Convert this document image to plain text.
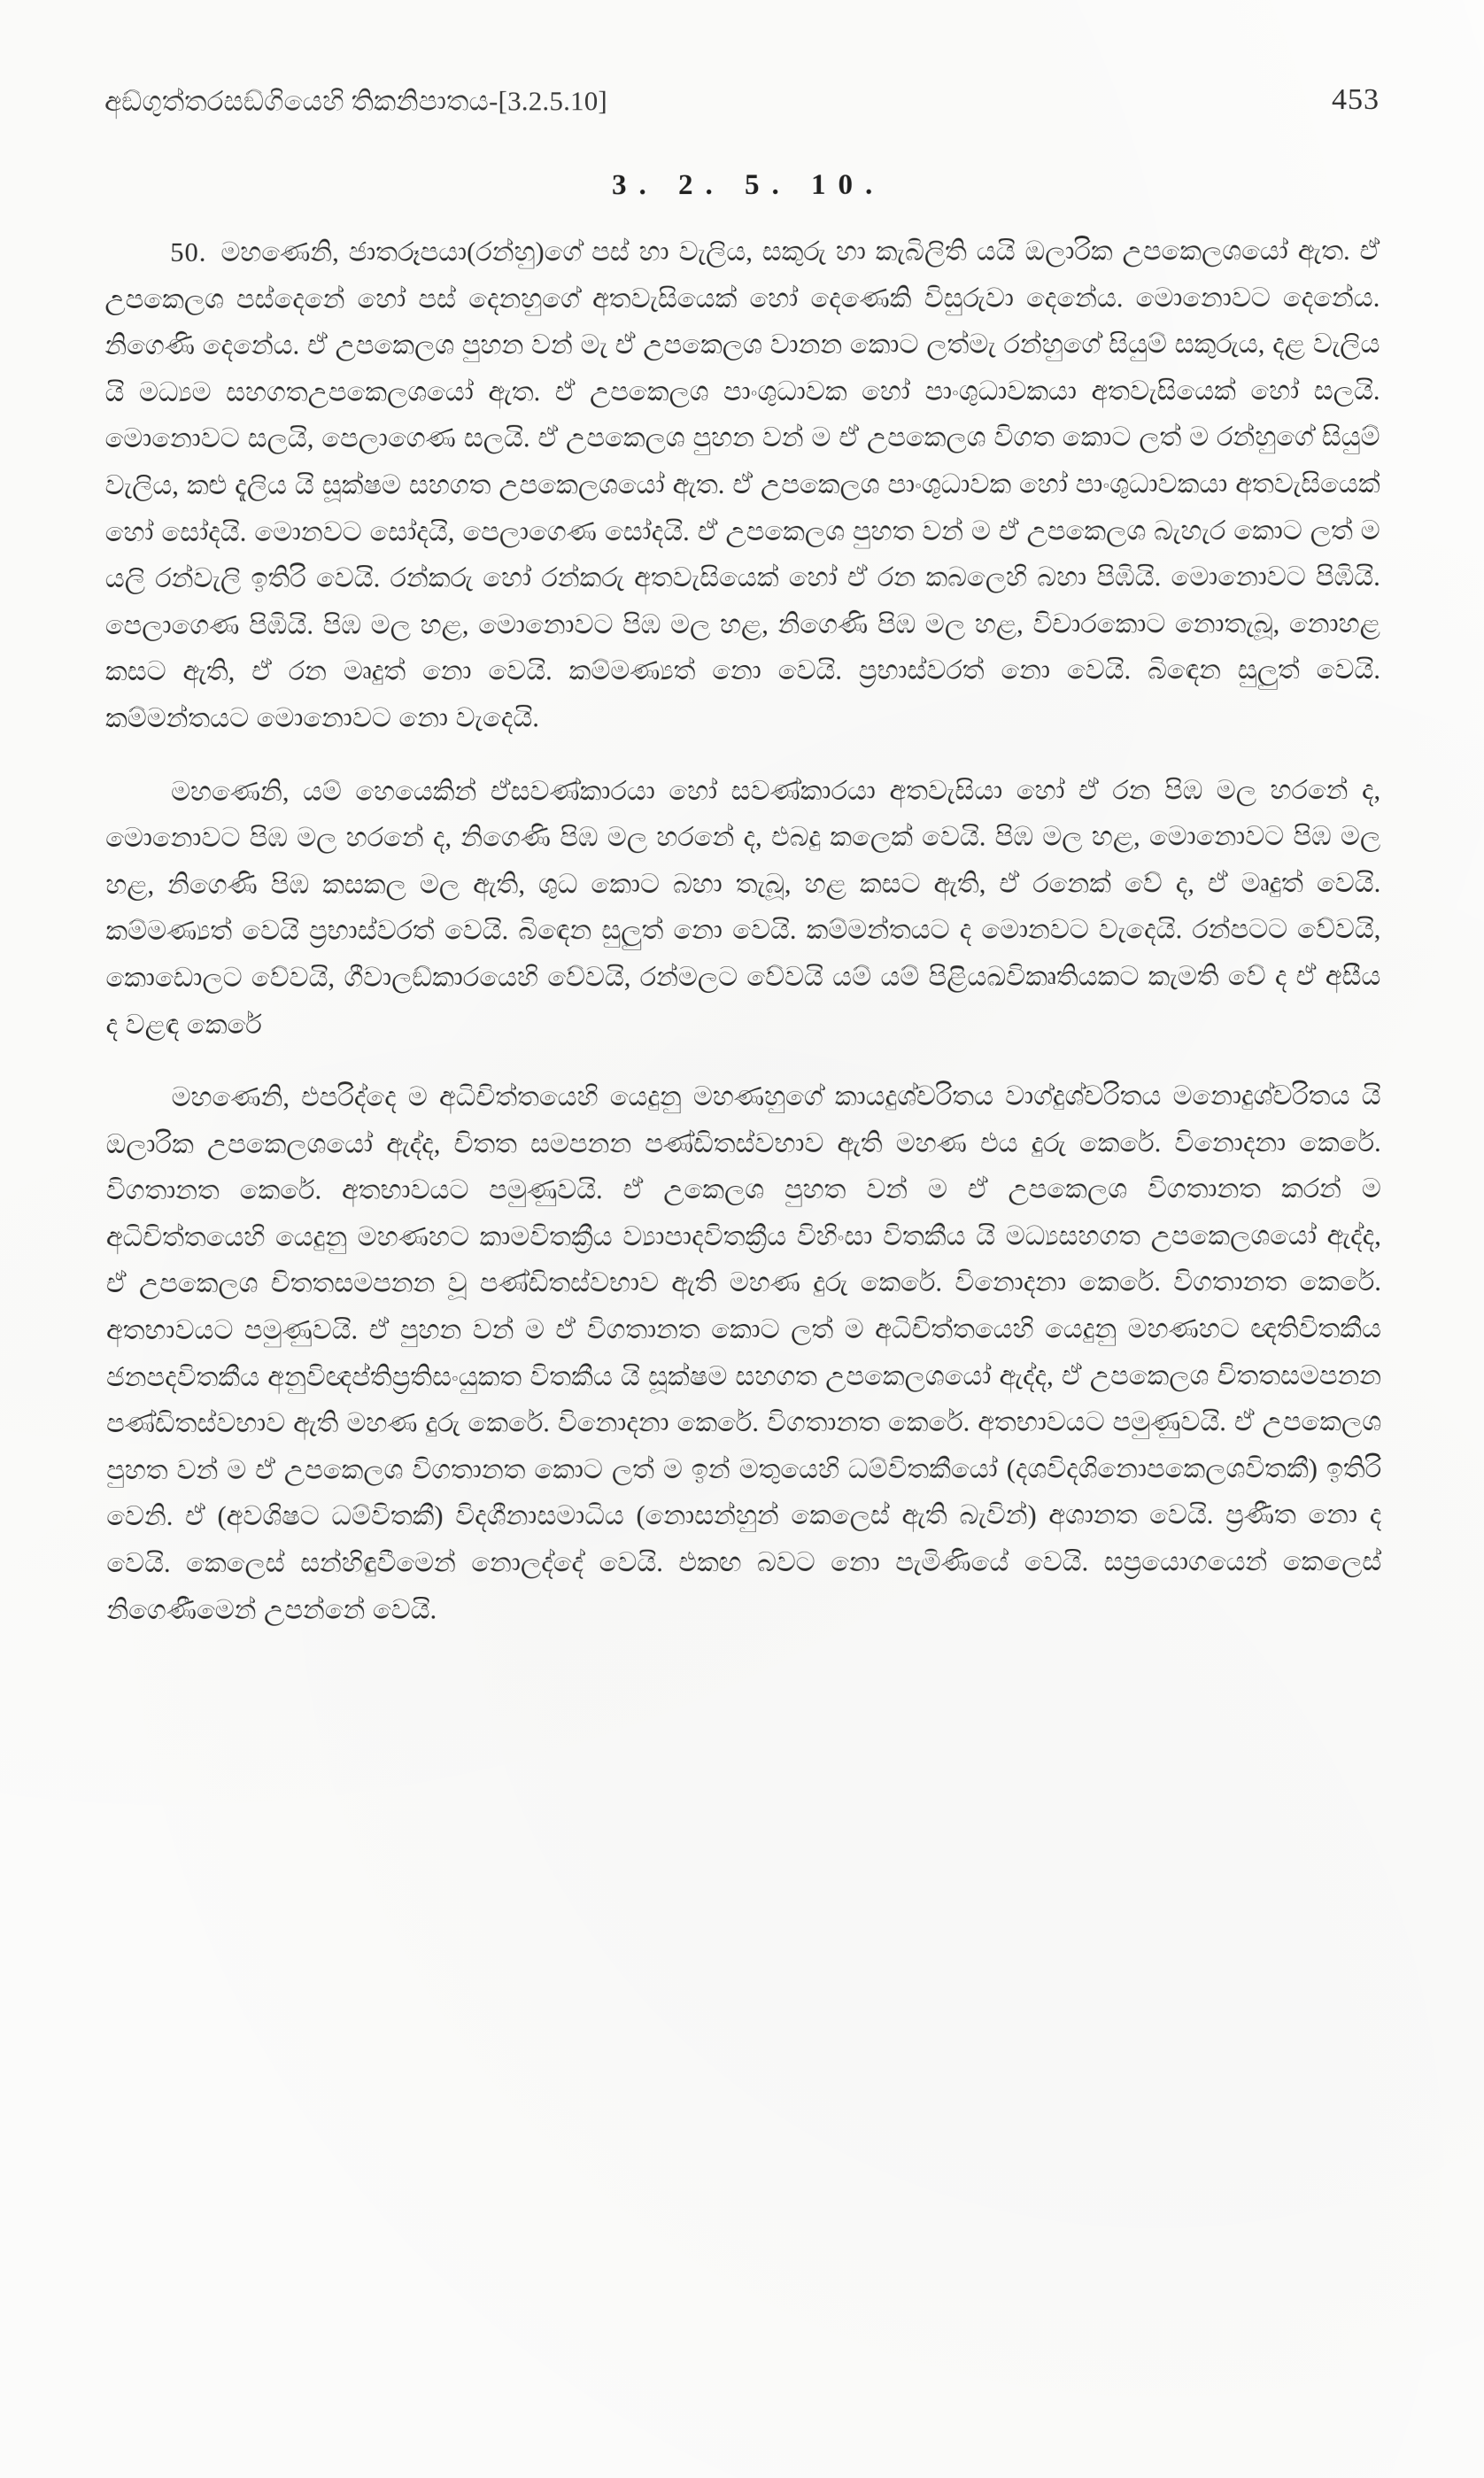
අඞ්ගුත්තරසඞ්ගියෙහි තිකනිපාතය-[3.2.5.10]	453
3. 2. 5. 10.

50. මහණෙනි, ජාතරූපයා(රන්හු)ගේ පස් හා වැලිය, සකුරු හා කැබිලිති යයි ඔලාරික උපකෙලශයෝ ඇත. ඒ උපකෙලශ පස්දෙනේ හෝ පස් දෙනහුගේ අතවැසියෙක් හෝ දෙණෙකි විසුරුවා දෙනේය. මොනොවට දෙනේය. නිගෙණි දෙනේය. ඒ උපකෙලශ පුහන වන් මැ ඒ උපකෙලශ වානන කොට ලත්මැ රන්හුගේ සියුම් සකුරුය, දළ වැලිය යි මධ්‍යම සහගතඋපකෙලශයෝ ඇත. ඒ උපකෙලශ පාංශුධාවක හෝ පාංශුධාවකයා අතවැසියෙක් හෝ සලයි. මොනොවට සලයි, පෙලාගෙණ සලයි. ඒ උපකෙලශ පුහන වන් ම ඒ උපකෙලශ විගත කොට ලත් ම රන්හුගේ සියුම් වැලිය, කළු දැලිය යි සූක්ෂම සහගත උපකෙලශයෝ ඇත. ඒ උපකෙලශ පාංශුධාවක හෝ පාංශුධාවකයා අතවැසියෙක් හෝ සෝදයි. මොනවට සෝදයි, පෙලාගෙණ සෝදයි. ඒ උපකෙලශ පුහත වන් ම ඒ උපකෙලශ බැහැර කොට ලත් ම යලි රන්වැලි ඉතිරි වෙයි. රන්කරු හෝ රන්කරු අතවැසියෙක් හෝ ඒ රන කබලෙහි බහා පිඹියි. මොනොවට පිඹියි. පෙලාගෙණ පිඹියි. පිඹ මල හළ, මොනොවට පිඹ මල හළ, නිගෙණි පිඹ මල හළ, විචාරකොට නොතැබූ, නොහළ කසට ඇති, ඒ රන මෘදුත් නො වෙයි. කම්මණ්‍යත් නො වෙයි. ප්‍රභාස්වරත් නො වෙයි. බිඳෙන සුලුත් වෙයි. කම්මන්තයට මොනොවට නො වැදෙයි.

මහණෙනි, යම් හෙයෙකින් ඒසවණ්කාරයා හෝ සවණ්කාරයා අතවැසියා හෝ ඒ රන පිඹ මල හරනේ ද, මොනොවට පිඹ මල හරනේ ද, නිගෙණි පිඹ මල හරනේ ද, එබදු කලෙක් වෙයි. පිඹ මල හළ, මොනොවට පිඹ මල හළ, නිගෙණි පිඹ කසකල මල ඇති, ශුධ කොට බහා තැබූ, හළ කසට ඇති, ඒ රනෙක් වේ ද, ඒ මෘදුත් වෙයි. කම්මණ්‍යත් වෙයි ප්‍රභාස්වරත් වෙයි. බිඳෙන සුලුත් නො වෙයි. කම්මන්තයට ද මොනවට වැදෙයි. රන්පටට වේවයි, කොඩොලට වේවයි, ගීවාලඞ්කාරයෙහි වේවයි, රන්මලට වේවයි යම් යම් පිළියඛවිකෘතියකට කැමති වේ ද ඒ අසීය ද වළඳ කෙරේ

මහණෙනි, එපරිද්දෙ ම අධිචිත්තයෙහි යෙදුනු මහණහුගේ කායදුශ්චරිතය වාග්දුශ්චරිතය මනොදුශ්චරිතය යි ඔලාරික උපකෙලශයෝ ඇද්ද, චිතත සමපනන පණ්ඩිතස්වභාව ඇති මහණ එය දුරු කෙරේ. විනොදනා කෙරේ. විගතානත කෙරේ. අතභාවයට පමුණුවයි. ඒ උකෙලශ පුහත වන් ම ඒ උපකෙලශ විගතානත කරන් ම අධිචිත්තයෙහි යෙදුනු මහණහට කාමවිතක්‍රීය ව්‍යාපාදවිතක්‍රීය විහිංසා විතකීය යි මධ්‍යසහගත උපකෙලශයෝ ඇද්ද, ඒ උපකෙලශ චිතතසමපනන වූ පණ්ඩිතස්වභාව ඇති මහණ දුරු කෙරේ. විනොදනා කෙරේ. විගතානත කෙරේ. අතභාවයට පමුණුවයි. ඒ පුහන වන් ම ඒ විගතානත කොට ලත් ම අධිචිත්තයෙහි යෙදුනු මහණහට ඥතිවිතකීය ජනපදවිතකීය අනුවිඥප්තිප්‍රතිසංයුකත විතකීය යි සූක්ෂම සහගත උපකෙලශයෝ ඇද්ද, ඒ උපකෙලශ චිතතසමපනන පණ්ඩිතස්වභාව ඇති මහණ දුරු කෙරේ. විනොදනා කෙරේ. විගතානත කෙරේ. අතභාවයට පමුණුවයි. ඒ උපකෙලශ පුහත වන් ම ඒ උපකෙලශ විගතානත කොට ලත් ම ඉන් මතුයෙහි ධම්විතකීයෝ (දශවිදශිනොපකෙලශවිතකී) ඉතිරි වෙනි. ඒ (අවශිෂට ධම්විතකී) විදශීනාසමාධිය (නොසන්හුන් කෙලෙස් ඇති බැවින්) අශානත වෙයි. ප්‍රණීත නො ද වෙයි. කෙලෙස් සන්හිඳුවීමෙන් නොලද්දේ වෙයි. එකඟ බවට නො පැමිණියේ වෙයි. සප්‍රයොගයෙන් කෙලෙස් නිගෙණීමෙන් උපන්නේ වෙයි.
